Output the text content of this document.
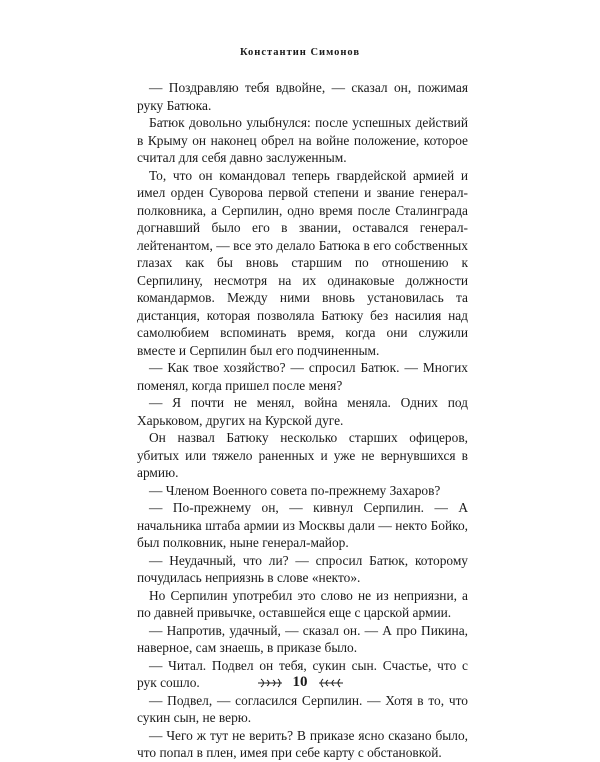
Константин Симонов

— Поздравляю тебя вдвойне, — сказал он, пожимая руку Батюка.

Батюк довольно улыбнулся: после успешных действий в Крыму он наконец обрел на войне положение, которое считал для себя давно заслуженным.

То, что он командовал теперь гвардейской армией и имел орден Суворова первой степени и звание генерал-полковника, а Серпилин, одно время после Сталинграда догнавший было его в звании, оставался генерал-лейтенантом, — все это делало Батюка в его собственных глазах как бы вновь старшим по отношению к Серпилину, несмотря на их одинаковые должности командармов. Между ними вновь установилась та дистанция, которая позволяла Батюку без насилия над самолюбием вспоминать время, когда они служили вместе и Серпилин был его подчиненным.

— Как твое хозяйство? — спросил Батюк. — Многих поменял, когда пришел после меня?

— Я почти не менял, война меняла. Одних под Харьковом, других на Курской дуге.

Он назвал Батюку несколько старших офицеров, убитых или тяжело раненных и уже не вернувшихся в армию.

— Членом Военного совета по-прежнему Захаров?

— По-прежнему он, — кивнул Серпилин. — А начальника штаба армии из Москвы дали — некто Бойко, был полковник, ныне генерал-майор.

— Неудачный, что ли? — спросил Батюк, которому почудилась неприязнь в слове «некто».

Но Серпилин употребил это слово не из неприязни, а по давней привычке, оставшейся еще с царской армии.

— Напротив, удачный, — сказал он. — А про Пикина, наверное, сам знаешь, в приказе было.

— Читал. Подвел он тебя, сукин сын. Счастье, что с рук сошло.

— Подвел, — согласился Серпилин. — Хотя в то, что сукин сын, не верю.

— Чего ж тут не верить? В приказе ясно сказано было, что попал в плен, имея при себе карту с обстановкой.

10
